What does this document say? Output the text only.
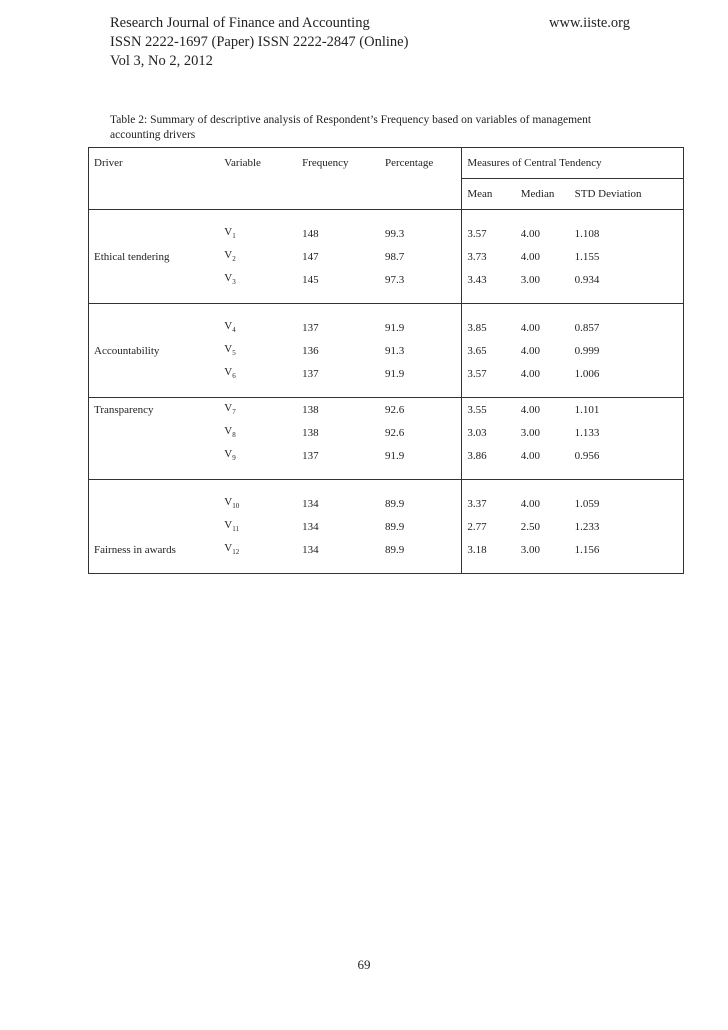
Research Journal of Finance and Accounting	www.iiste.org
ISSN 2222-1697 (Paper) ISSN 2222-2847 (Online)
Vol 3, No 2, 2012
Table 2: Summary of descriptive analysis of Respondent’s Frequency based on variables of management accounting drivers
Driver	Variable	Frequency	Percentage	Measures of Central Tendency		
				Mean	Median	STD Deviation

	$V_1$	148	99.3	3.57	4.00	1.108
Ethical tendering	$V_2$	147	98.7	3.73	4.00	1.155
	$V_3$	145	97.3	3.43	3.00	0.934

	$V_4$	137	91.9	3.85	4.00	0.857
Accountability	$V_5$	136	91.3	3.65	4.00	0.999
	$V_6$	137	91.9	3.57	4.00	1.006

Transparency	$V_7$	138	92.6	3.55	4.00	1.101
	$V_8$	138	92.6	3.03	3.00	1.133
	$V_9$	137	91.9	3.86	4.00	0.956

	$V_{10}$	134	89.9	3.37	4.00	1.059
	$V_{11}$	134	89.9	2.77	2.50	1.233
Fairness in awards	$V_{12}$	134	89.9	3.18	3.00	1.156

69
